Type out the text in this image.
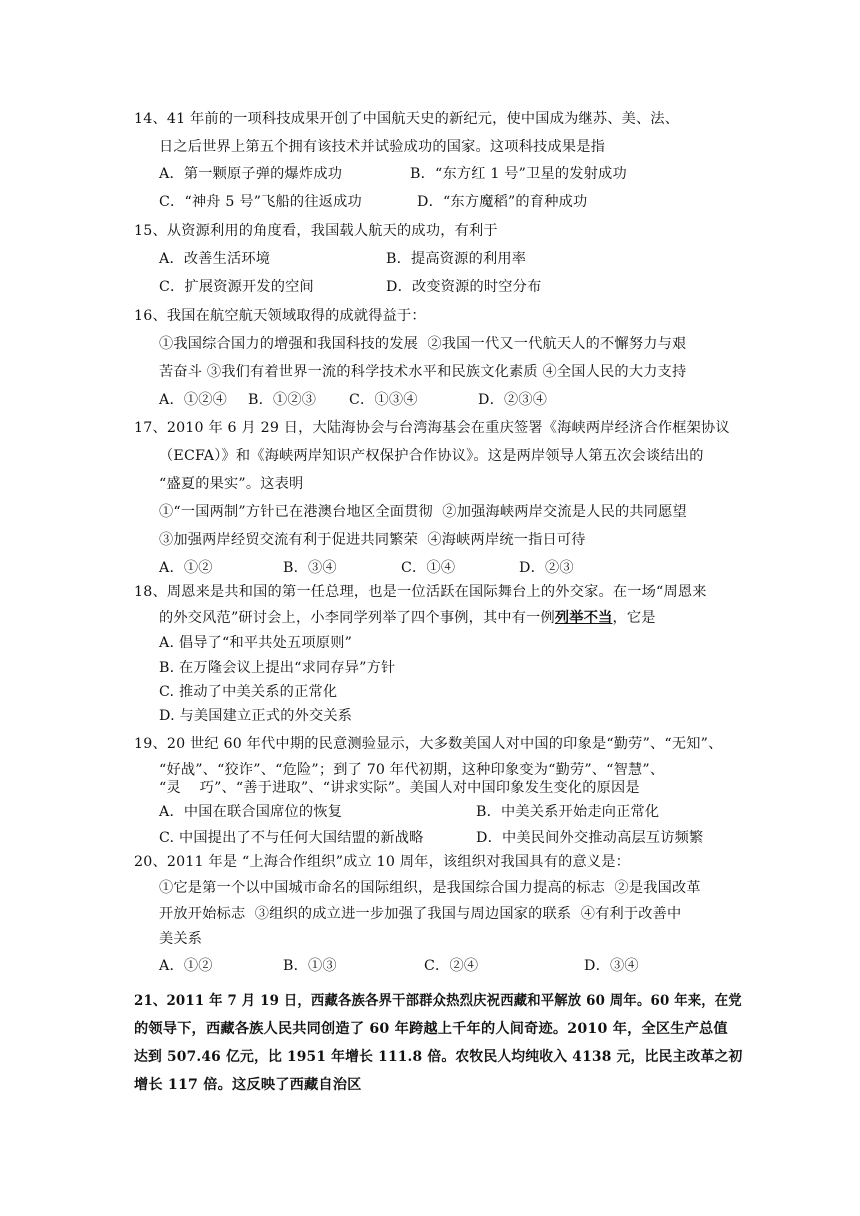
14、41 年前的一项科技成果开创了中国航天史的新纪元，使中国成为继苏、美、法、
日之后世界上第五个拥有该技术并试验成功的国家。这项科技成果是指
A．第一颗原子弹的爆炸成功	B．“东方红 1 号”卫星的发射成功
C．“神舟 5 号”飞船的往返成功	D．“东方魔稻”的育种成功
15、从资源利用的角度看，我国载人航天的成功，有利于
A．改善生活环境	B．提高资源的利用率
C．扩展资源开发的空间	D．改变资源的时空分布
16、我国在航空航天领域取得的成就得益于：
①我国综合国力的增强和我国科技的发展  ②我国一代又一代航天人的不懈努力与艰
苦奋斗 ③我们有着世界一流的科学技术水平和民族文化素质 ④全国人民的大力支持
A．①②④ B．①②③ C．①③④	D．②③④
17、2010 年 6 月 29 日，大陆海协会与台湾海基会在重庆签署《海峡两岸经济合作框架协议
（ECFA）》和《海峡两岸知识产权保护合作协议》。这是两岸领导人第五次会谈结出的
“盛夏的果实”。这表明
①“一国两制”方针已在港澳台地区全面贯彻  ②加强海峡两岸交流是人民的共同愿望
③加强两岸经贸交流有利于促进共同繁荣  ④海峡两岸统一指日可待
A．①②	B．③④	C．①④	D．②③
18、周恩来是共和国的第一任总理，也是一位活跃在国际舞台上的外交家。在一场“周恩来
的外交风范”研讨会上，小李同学列举了四个事例，其中有一例列举不当，它是
A. 倡导了“和平共处五项原则”
B. 在万隆会议上提出“求同存异”方针
C. 推动了中美关系的正常化
D. 与美国建立正式的外交关系
19、20 世纪 60 年代中期的民意测验显示，大多数美国人对中国的印象是“勤劳”、“无知”、
“好战”、“狡诈”、“危险”；到了 70 年代初期，这种印象变为“勤劳”、“智慧”、
“灵    巧”、“善于进取”、“讲求实际”。美国人对中国印象发生变化的原因是
A．中国在联合国席位的恢复	B．中美关系开始走向正常化
C. 中国提出了不与任何大国结盟的新战略	D．中美民间外交推动高层互访频繁
20、2011 年是 “上海合作组织”成立 10 周年，该组织对我国具有的意义是：
①它是第一个以中国城市命名的国际组织，是我国综合国力提高的标志  ②是我国改革
开放开始标志  ③组织的成立进一步加强了我国与周边国家的联系  ④有利于改善中
美关系
A．①②	B．①③	C．②④	D．③④
21、2011 年 7 月 19 日，西藏各族各界干部群众热烈庆祝西藏和平解放 60 周年。60 年来，在党
的领导下，西藏各族人民共同创造了 60 年跨越上千年的人间奇迹。2010 年，全区生产总值
达到 507.46 亿元，比 1951 年增长 111.8 倍。农牧民人均纯收入 4138 元，比民主改革之初
增长 117 倍。这反映了西藏自治区
